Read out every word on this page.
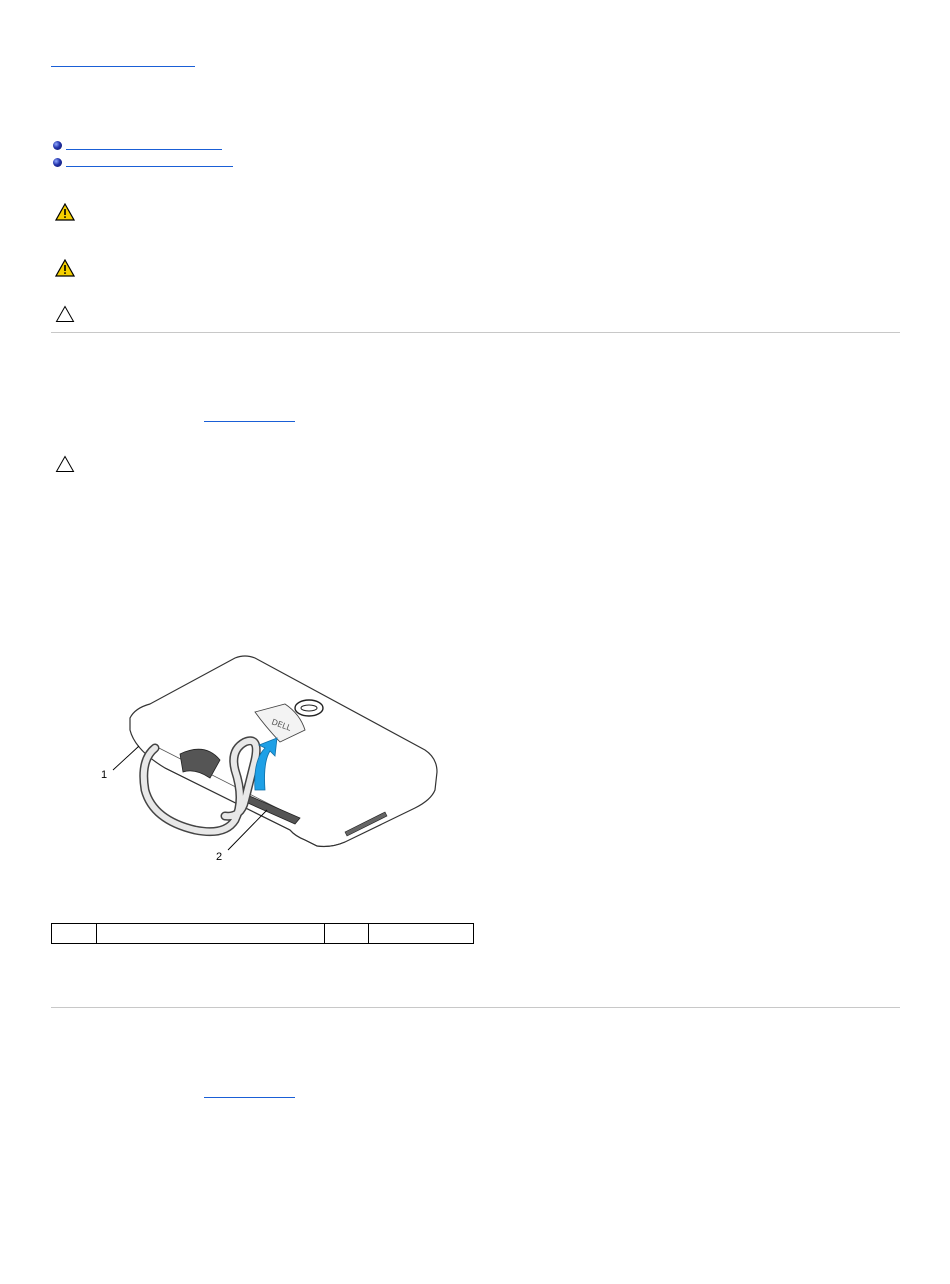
DELL
1
2
